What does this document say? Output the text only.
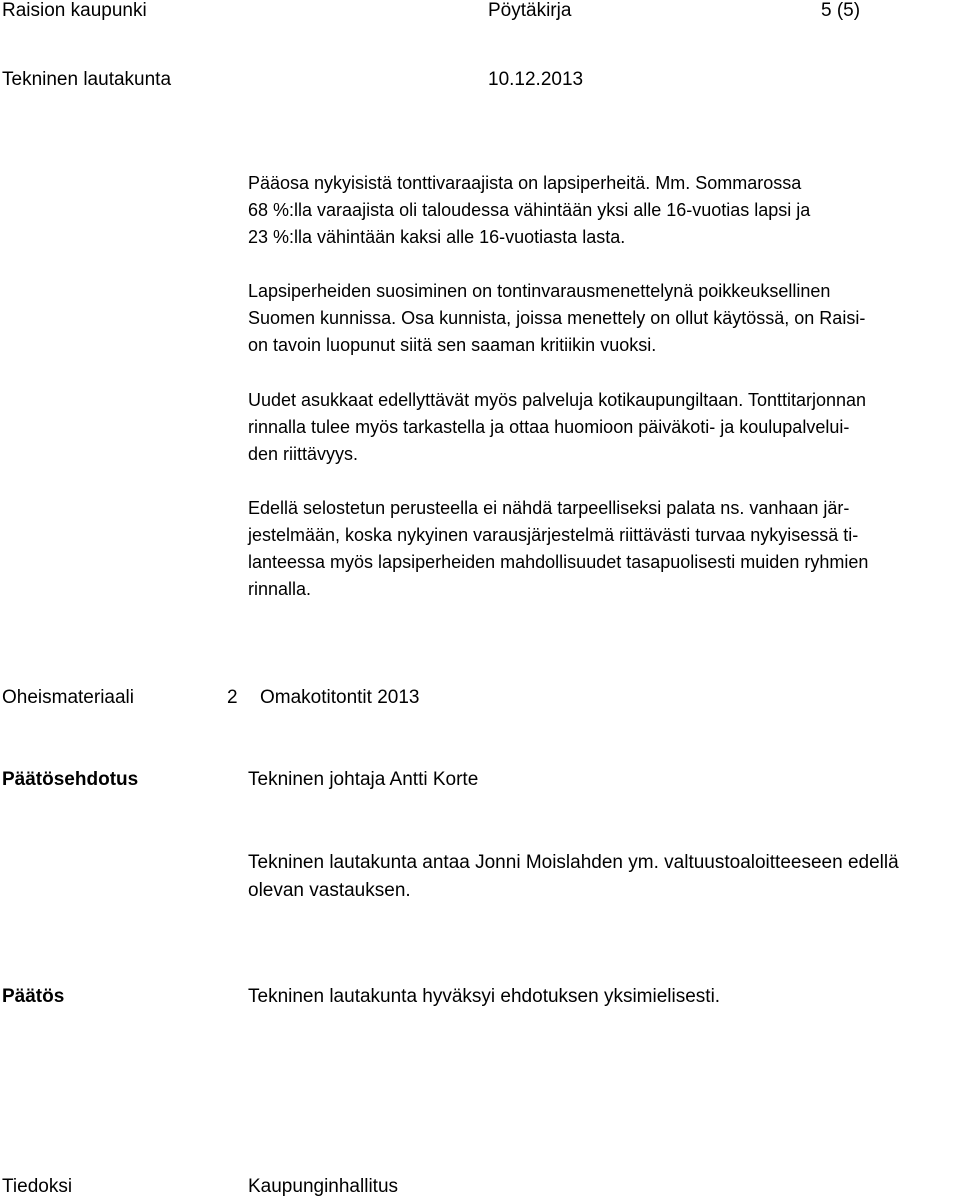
Raision kaupunki	Pöytäkirja	5 (5)
Tekninen lautakunta	10.12.2013
Pääosa nykyisistä tonttivaraajista on lapsiperheitä. Mm. Sommarossa
68 %:lla varaajista oli taloudessa vähintään yksi alle 16-vuotias lapsi ja
23 %:lla vähintään kaksi alle 16-vuotiasta lasta.
Lapsiperheiden suosiminen on tontinvarausmenettelynä poikkeuksellinen
Suomen kunnissa. Osa kunnista, joissa menettely on ollut käytössä, on Raisi-
on tavoin luopunut siitä sen saaman kritiikin vuoksi.
Uudet asukkaat edellyttävät myös palveluja kotikaupungiltaan. Tonttitarjonnan
rinnalla tulee myös tarkastella ja ottaa huomioon päiväkoti- ja koulupalvelui-
den riittävyys.
Edellä selostetun perusteella ei nähdä tarpeelliseksi palata ns. vanhaan jär-
jestelmään, koska nykyinen varausjärjestelmä riittävästi turvaa nykyisessä ti-
lanteessa myös lapsiperheiden mahdollisuudet tasapuolisesti muiden ryhmien
rinnalla.
Oheismateriaali	2 Omakotitontit 2013
Päätösehdotus	Tekninen johtaja Antti Korte
Tekninen lautakunta antaa Jonni Moislahden ym. valtuustoaloitteeseen edellä
olevan vastauksen.
Päätös	Tekninen lautakunta hyväksyi ehdotuksen yksimielisesti.
Tiedoksi	Kaupunginhallitus
